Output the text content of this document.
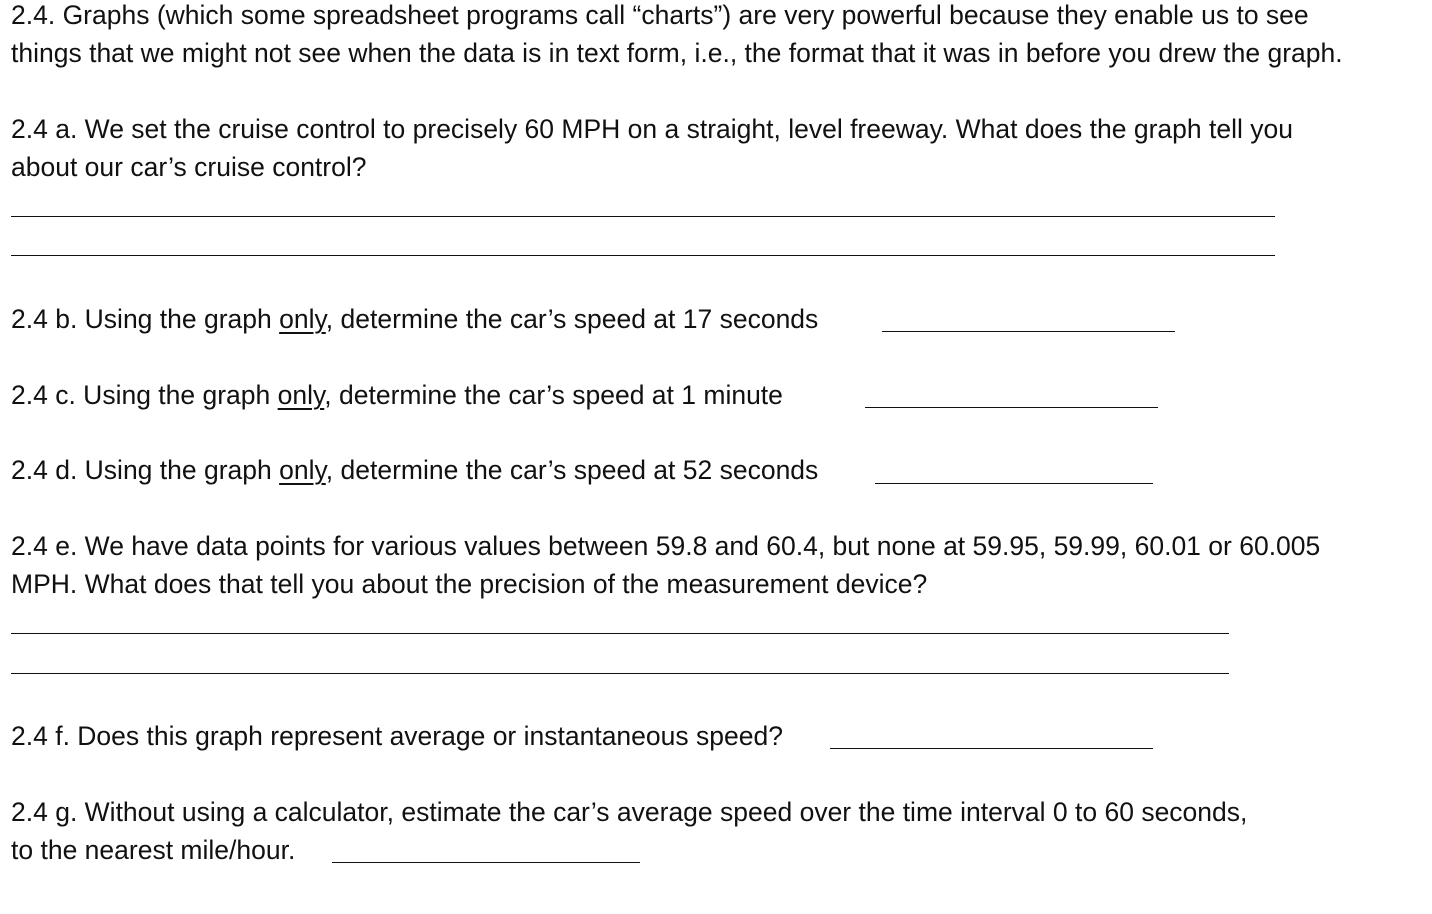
2.4. Graphs (which some spreadsheet programs call “charts”) are very powerful because they enable us to see things that we might not see when the data is in text form, i.e., the format that it was in before you drew the graph.
2.4 a. We set the cruise control to precisely 60 MPH on a straight, level freeway. What does the graph tell you about our car’s cruise control?
2.4 b. Using the graph only, determine the car’s speed at 17 seconds
2.4 c. Using the graph only, determine the car’s speed at 1 minute
2.4 d. Using the graph only, determine the car’s speed at 52 seconds
2.4 e. We have data points for various values between 59.8 and 60.4, but none at 59.95, 59.99, 60.01 or 60.005 MPH. What does that tell you about the precision of the measurement device?
2.4 f. Does this graph represent average or instantaneous speed?
2.4 g. Without using a calculator, estimate the car’s average speed over the time interval 0 to 60 seconds,
to the nearest mile/hour.
